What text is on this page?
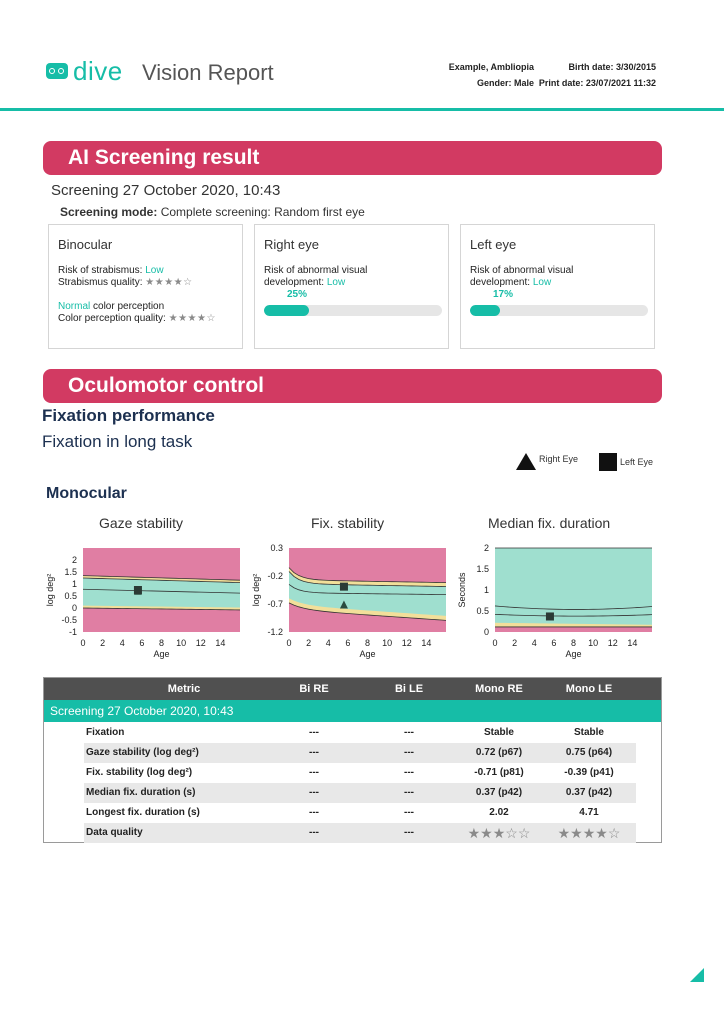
dive Vision Report	Example, Ambliopia
Gender: Male
Birth date: 3/30/2015
Print date: 23/07/2021 11:32
AI Screening result
Screening 27 October 2020, 10:43
Screening mode: Complete screening: Random first eye
Binocular
Risk of strabismus: Low
Strabismus quality: ★★★★☆
Normal color perception
Color perception quality: ★★★★☆
Right eye
Risk of abnormal visual
development: Low
25%
Left eye
Risk of abnormal visual
development: Low
17%
Oculomotor control
Fixation performance
Fixation in long task
Monocular
Right Eye	Left Eye
Gaze stability	Fix. stability	Median fix. duration
2
1.5
1
0.5
0
-0.5
-1
0 2 4 6 8 10 12 14
Age
log deg²
0.3
-0.2
-0.7
-1.2
0 2 4 6 8 10 12 14
Age
log deg²
2
1.5
1
0.5
0
0 2 4 6 8 10 12 14
Age
Seconds
Metric	Bi RE	Bi LE	Mono RE	Mono LE
Screening 27 October 2020, 10:43
Fixation	---	---	Stable	Stable
Gaze stability (log deg²)	---	---	0.72 (p67)	0.75 (p64)
Fix. stability (log deg²)	---	---	-0.71 (p81)	-0.39 (p41)
Median fix. duration (s)	---	---	0.37 (p42)	0.37 (p42)
Longest fix. duration (s)	---	---	2.02	4.71
Data quality	---	---	★★★☆☆	★★★★☆
